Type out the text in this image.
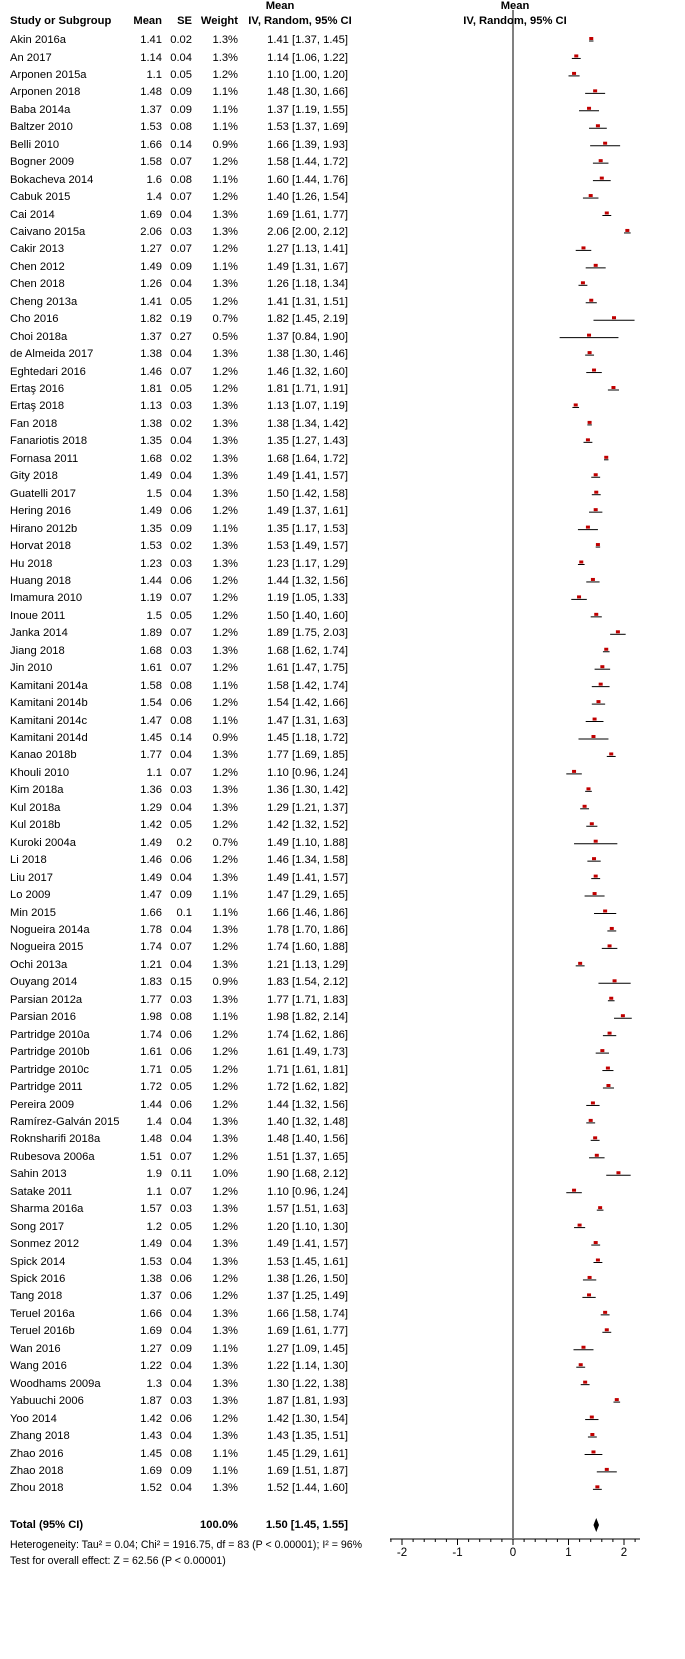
Mean	Mean
Study or Subgroup	Mean	SE Weight IV, Random, 95% CI	IV, Random, 95% CI
Akin 2016a	1.41 0.02	1.3%	1.41 [1.37, 1.45]
An 2017	1.14 0.04	1.3%	1.14 [1.06, 1.22]
Arponen 2015a	1.1 0.05	1.2%	1.10 [1.00, 1.20]
Arponen 2018	1.48 0.09	1.1%	1.48 [1.30, 1.66]
Baba 2014a	1.37 0.09	1.1%	1.37 [1.19, 1.55]
Baltzer 2010	1.53 0.08	1.1%	1.53 [1.37, 1.69]
Belli 2010	1.66 0.14	0.9%	1.66 [1.39, 1.93]
Bogner 2009	1.58 0.07	1.2%	1.58 [1.44, 1.72]
Bokacheva 2014	1.6 0.08	1.1%	1.60 [1.44, 1.76]
Cabuk 2015	1.4 0.07	1.2%	1.40 [1.26, 1.54]
Cai 2014	1.69 0.04	1.3%	1.69 [1.61, 1.77]
Caivano 2015a	2.06 0.03	1.3%	2.06 [2.00, 2.12]
Cakir 2013	1.27 0.07	1.2%	1.27 [1.13, 1.41]
Chen 2012	1.49 0.09	1.1%	1.49 [1.31, 1.67]
Chen 2018	1.26 0.04	1.3%	1.26 [1.18, 1.34]
Cheng 2013a	1.41 0.05	1.2%	1.41 [1.31, 1.51]
Cho 2016	1.82 0.19	0.7%	1.82 [1.45, 2.19]
Choi 2018a	1.37 0.27	0.5%	1.37 [0.84, 1.90]
de Almeida 2017	1.38 0.04	1.3%	1.38 [1.30, 1.46]
Eghtedari 2016	1.46 0.07	1.2%	1.46 [1.32, 1.60]
Ertaş 2016	1.81 0.05	1.2%	1.81 [1.71, 1.91]
Ertaş 2018	1.13 0.03	1.3%	1.13 [1.07, 1.19]
Fan 2018	1.38 0.02	1.3%	1.38 [1.34, 1.42]
Fanariotis 2018	1.35 0.04	1.3%	1.35 [1.27, 1.43]
Fornasa 2011	1.68 0.02	1.3%	1.68 [1.64, 1.72]
Gity 2018	1.49 0.04	1.3%	1.49 [1.41, 1.57]
Guatelli 2017	1.5 0.04	1.3%	1.50 [1.42, 1.58]
Hering 2016	1.49 0.06	1.2%	1.49 [1.37, 1.61]
Hirano 2012b	1.35 0.09	1.1%	1.35 [1.17, 1.53]
Horvat 2018	1.53 0.02	1.3%	1.53 [1.49, 1.57]
Hu 2018	1.23 0.03	1.3%	1.23 [1.17, 1.29]
Huang 2018	1.44 0.06	1.2%	1.44 [1.32, 1.56]
Imamura 2010	1.19 0.07	1.2%	1.19 [1.05, 1.33]
Inoue 2011	1.5 0.05	1.2%	1.50 [1.40, 1.60]
Janka 2014	1.89 0.07	1.2%	1.89 [1.75, 2.03]
Jiang 2018	1.68 0.03	1.3%	1.68 [1.62, 1.74]
Jin 2010	1.61 0.07	1.2%	1.61 [1.47, 1.75]
Kamitani 2014a	1.58 0.08	1.1%	1.58 [1.42, 1.74]
Kamitani 2014b	1.54 0.06	1.2%	1.54 [1.42, 1.66]
Kamitani 2014c	1.47 0.08	1.1%	1.47 [1.31, 1.63]
Kamitani 2014d	1.45 0.14	0.9%	1.45 [1.18, 1.72]
Kanao 2018b	1.77 0.04	1.3%	1.77 [1.69, 1.85]
Khouli 2010	1.1 0.07	1.2%	1.10 [0.96, 1.24]
Kim 2018a	1.36 0.03	1.3%	1.36 [1.30, 1.42]
Kul 2018a	1.29 0.04	1.3%	1.29 [1.21, 1.37]
Kul 2018b	1.42 0.05	1.2%	1.42 [1.32, 1.52]
Kuroki 2004a	1.49	0.2	0.7%	1.49 [1.10, 1.88]
Li 2018	1.46 0.06	1.2%	1.46 [1.34, 1.58]
Liu 2017	1.49 0.04	1.3%	1.49 [1.41, 1.57]
Lo 2009	1.47 0.09	1.1%	1.47 [1.29, 1.65]
Min 2015	1.66	0.1	1.1%	1.66 [1.46, 1.86]
Nogueira 2014a	1.78 0.04	1.3%	1.78 [1.70, 1.86]
Nogueira 2015	1.74 0.07	1.2%	1.74 [1.60, 1.88]
Ochi 2013a	1.21 0.04	1.3%	1.21 [1.13, 1.29]
Ouyang 2014	1.83 0.15	0.9%	1.83 [1.54, 2.12]
Parsian 2012a	1.77 0.03	1.3%	1.77 [1.71, 1.83]
Parsian 2016	1.98 0.08	1.1%	1.98 [1.82, 2.14]
Partridge 2010a	1.74 0.06	1.2%	1.74 [1.62, 1.86]
Partridge 2010b	1.61 0.06	1.2%	1.61 [1.49, 1.73]
Partridge 2010c	1.71 0.05	1.2%	1.71 [1.61, 1.81]
Partridge 2011	1.72 0.05	1.2%	1.72 [1.62, 1.82]
Pereira 2009	1.44 0.06	1.2%	1.44 [1.32, 1.56]
Ramírez-Galván 2015	1.4 0.04	1.3%	1.40 [1.32, 1.48]
Roknsharifi 2018a	1.48 0.04	1.3%	1.48 [1.40, 1.56]
Rubesova 2006a	1.51 0.07	1.2%	1.51 [1.37, 1.65]
Sahin 2013	1.9 0.11	1.0%	1.90 [1.68, 2.12]
Satake 2011	1.1 0.07	1.2%	1.10 [0.96, 1.24]
Sharma 2016a	1.57 0.03	1.3%	1.57 [1.51, 1.63]
Song 2017	1.2 0.05	1.2%	1.20 [1.10, 1.30]
Sonmez 2012	1.49 0.04	1.3%	1.49 [1.41, 1.57]
Spick 2014	1.53 0.04	1.3%	1.53 [1.45, 1.61]
Spick 2016	1.38 0.06	1.2%	1.38 [1.26, 1.50]
Tang 2018	1.37 0.06	1.2%	1.37 [1.25, 1.49]
Teruel 2016a	1.66 0.04	1.3%	1.66 [1.58, 1.74]
Teruel 2016b	1.69 0.04	1.3%	1.69 [1.61, 1.77]
Wan 2016	1.27 0.09	1.1%	1.27 [1.09, 1.45]
Wang 2016	1.22 0.04	1.3%	1.22 [1.14, 1.30]
Woodhams 2009a	1.3 0.04	1.3%	1.30 [1.22, 1.38]
Yabuuchi 2006	1.87 0.03	1.3%	1.87 [1.81, 1.93]
Yoo 2014	1.42 0.06	1.2%	1.42 [1.30, 1.54]
Zhang 2018	1.43 0.04	1.3%	1.43 [1.35, 1.51]
Zhao 2016	1.45 0.08	1.1%	1.45 [1.29, 1.61]
Zhao 2018	1.69 0.09	1.1%	1.69 [1.51, 1.87]
Zhou 2018	1.52 0.04	1.3%	1.52 [1.44, 1.60]
Total (95% CI)	100.0%	1.50 [1.45, 1.55]
Heterogeneity: Tau² = 0.04; Chi² = 1916.75, df = 83 (P < 0.00001); I² = 96%
Test for overall effect: Z = 62.56 (P < 0.00001)
-2	-1	0	1	2
